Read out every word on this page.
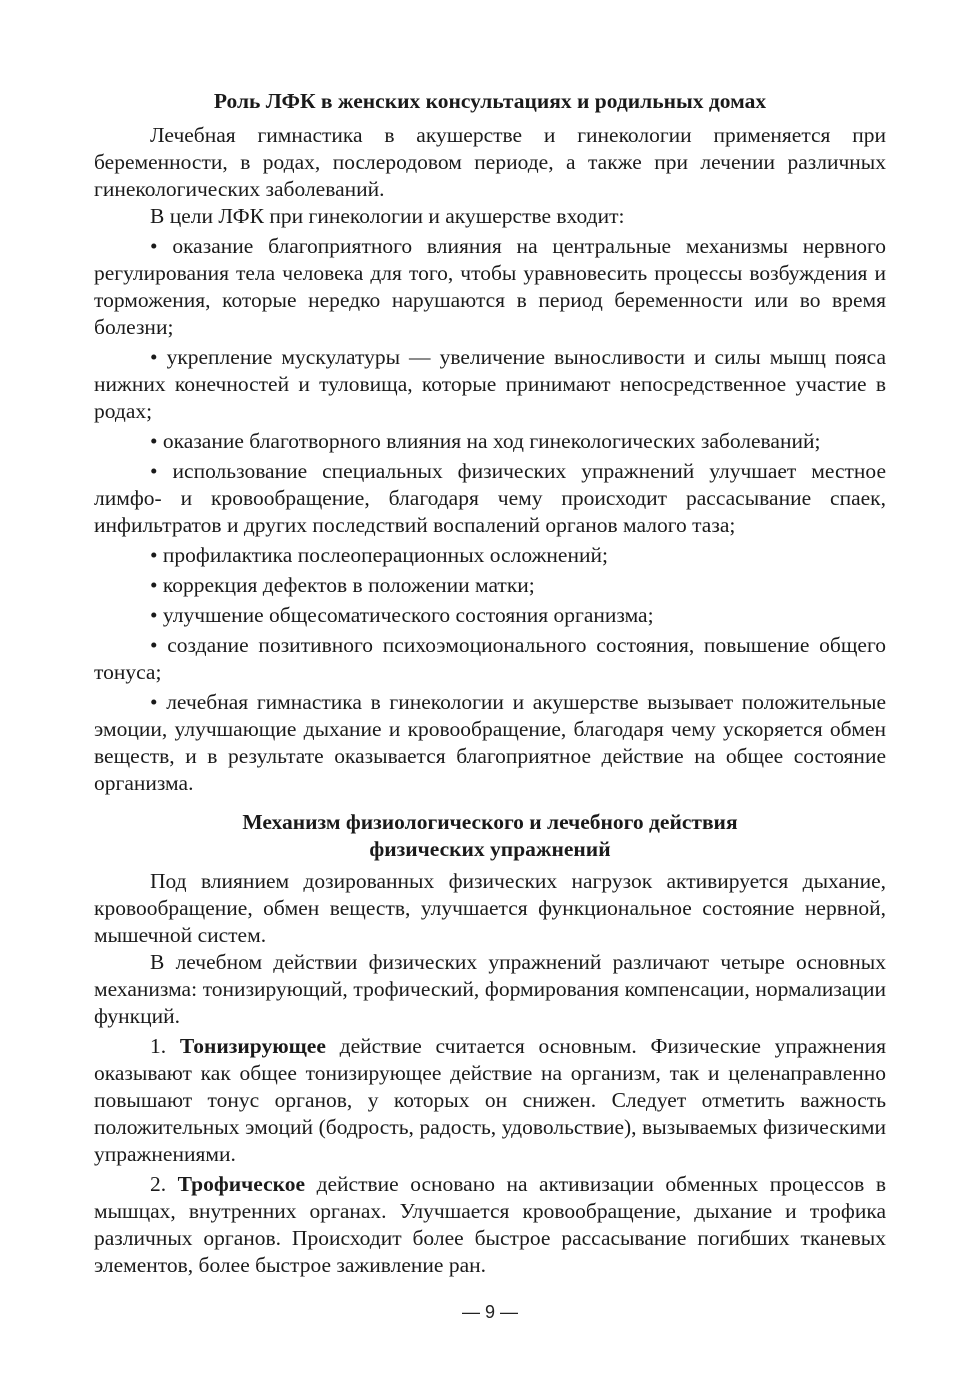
Роль ЛФК в женских консультациях и родильных домах

Лечебная гимнастика в акушерстве и гинекологии применяется при беременности, в родах, послеродовом периоде, а также при лечении различных гинекологических заболеваний.

В цели ЛФК при гинекологии и акушерстве входит:

• оказание благоприятного влияния на центральные механизмы нервного регулирования тела человека для того, чтобы уравновесить процессы возбуждения и торможения, которые нередко нарушаются в период беременности или во время болезни;

• укрепление мускулатуры — увеличение выносливости и силы мышц пояса нижних конечностей и туловища, которые принимают непосредственное участие в родах;

• оказание благотворного влияния на ход гинекологических заболеваний;

• использование специальных физических упражнений улучшает местное лимфо- и кровообращение, благодаря чему происходит рассасывание спаек, инфильтратов и других последствий воспалений органов малого таза;

• профилактика послеоперационных осложнений;

• коррекция дефектов в положении матки;

• улучшение общесоматического состояния организма;

• создание позитивного психоэмоционального состояния, повышение общего тонуса;

• лечебная гимнастика в гинекологии и акушерстве вызывает положительные эмоции, улучшающие дыхание и кровообращение, благодаря чему ускоряется обмен веществ, и в результате оказывается благоприятное действие на общее состояние организма.

Механизм физиологического и лечебного действия
физических упражнений

Под влиянием дозированных физических нагрузок активируется дыхание, кровообращение, обмен веществ, улучшается функциональное состояние нервной, мышечной систем.

В лечебном действии физических упражнений различают четыре основных механизма: тонизирующий, трофический, формирования компенсации, нормализации функций.

1. Тонизирующее действие считается основным. Физические упражнения оказывают как общее тонизирующее действие на организм, так и целенаправленно повышают тонус органов, у которых он снижен. Следует отметить важность положительных эмоций (бодрость, радость, удовольствие), вызываемых физическими упражнениями.

2. Трофическое действие основано на активизации обменных процессов в мышцах, внутренних органах. Улучшается кровообращение, дыхание и трофика различных органов. Происходит более быстрое рассасывание погибших тканевых элементов, более быстрое заживление ран.

— 9 —
